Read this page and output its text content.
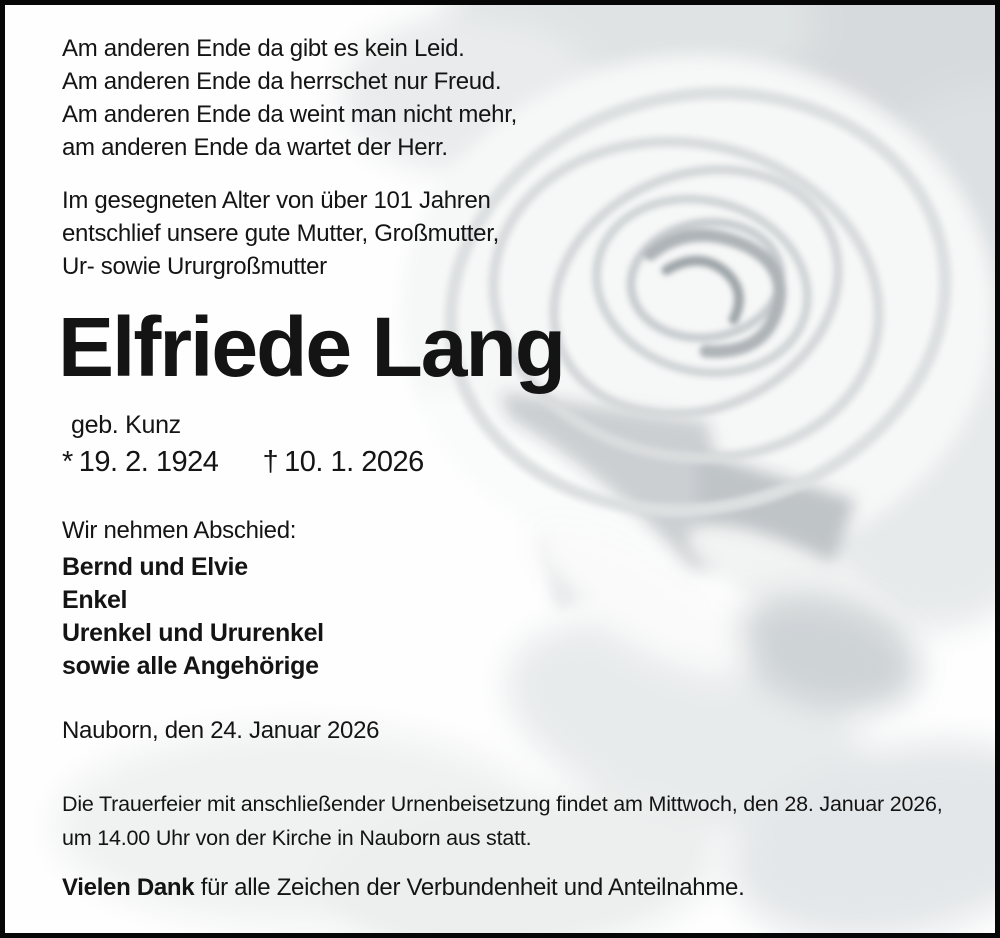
Am anderen Ende da gibt es kein Leid.
Am anderen Ende da herrschet nur Freud.
Am anderen Ende da weint man nicht mehr,
am anderen Ende da wartet der Herr.
Im gesegneten Alter von über 101 Jahren
entschlief unsere gute Mutter, Großmutter,
Ur- sowie Ururgroßmutter
Elfriede Lang
geb. Kunz
* 19. 2. 1924 † 10. 1. 2026
Wir nehmen Abschied:
Bernd und Elvie
Enkel
Urenkel und Ururenkel
sowie alle Angehörige
Nauborn, den 24. Januar 2026
Die Trauerfeier mit anschließender Urnenbeisetzung findet am Mittwoch, den 28. Januar 2026,
um 14.00 Uhr von der Kirche in Nauborn aus statt.

Vielen Dank für alle Zeichen der Verbundenheit und Anteilnahme.
